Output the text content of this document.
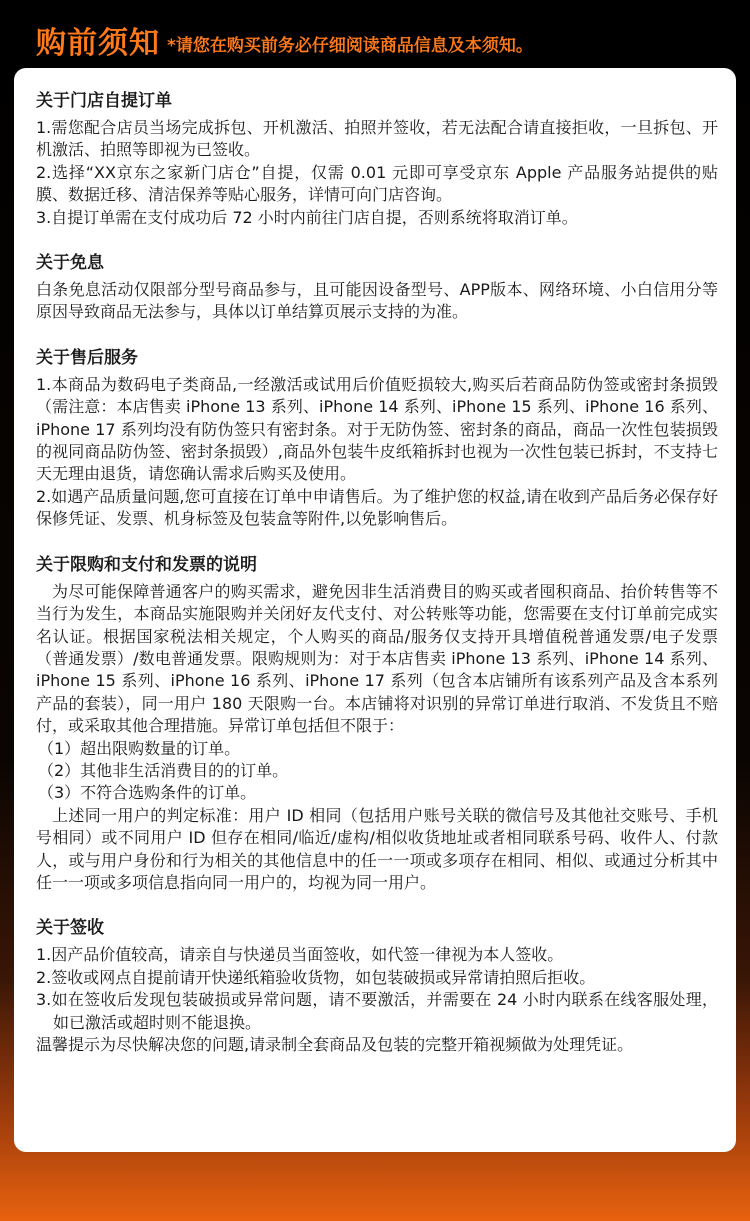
购前须知 *请您在购买前务必仔细阅读商品信息及本须知。
关于门店自提订单
1.需您配合店员当场完成拆包、开机激活、拍照并签收，若无法配合请直接拒收，一旦拆包、开机激活、拍照等即视为已签收。
2.选择“XX京东之家新门店仓”自提，仅需 0.01 元即可享受京东 Apple 产品服务站提供的贴膜、数据迁移、清洁保养等贴心服务，详情可向门店咨询。
3.自提订单需在支付成功后 72 小时内前往门店自提，否则系统将取消订单。
关于免息
白条免息活动仅限部分型号商品参与，且可能因设备型号、APP版本、网络环境、小白信用分等原因导致商品无法参与，具体以订单结算页展示支持的为准。
关于售后服务
1.本商品为数码电子类商品,一经激活或试用后价值贬损较大,购买后若商品防伪签或密封条损毁（需注意：本店售卖 iPhone 13 系列、iPhone 14 系列、iPhone 15 系列、iPhone 16 系列、iPhone 17 系列均没有防伪签只有密封条。对于无防伪签、密封条的商品，商品一次性包装损毁的视同商品防伪签、密封条损毁）,商品外包装牛皮纸箱拆封也视为一次性包装已拆封，不支持七天无理由退货，请您确认需求后购买及使用。
2.如遇产品质量问题,您可直接在订单中申请售后。为了维护您的权益,请在收到产品后务必保存好保修凭证、发票、机身标签及包装盒等附件,以免影响售后。
关于限购和支付和发票的说明
为尽可能保障普通客户的购买需求，避免因非生活消费目的购买或者囤积商品、抬价转售等不当行为发生，本商品实施限购并关闭好友代支付、对公转账等功能，您需要在支付订单前完成实名认证。根据国家税法相关规定，个人购买的商品/服务仅支持开具增值税普通发票/电子发票（普通发票）/数电普通发票。限购规则为：对于本店售卖 iPhone 13 系列、iPhone 14 系列、iPhone 15 系列、iPhone 16 系列、iPhone 17 系列（包含本店铺所有该系列产品及含本系列产品的套装），同一用户 180 天限购一台。本店铺将对识别的异常订单进行取消、不发货且不赔付，或采取其他合理措施。异常订单包括但不限于：
（1）超出限购数量的订单。
（2）其他非生活消费目的的订单。
（3）不符合选购条件的订单。
上述同一用户的判定标准：用户 ID 相同（包括用户账号关联的微信号及其他社交账号、手机号相同）或不同用户 ID 但存在相同/临近/虚构/相似收货地址或者相同联系号码、收件人、付款人，或与用户身份和行为相关的其他信息中的任一一项或多项存在相同、相似、或通过分析其中任一一项或多项信息指向同一用户的，均视为同一用户。
关于签收
1.因产品价值较高，请亲自与快递员当面签收，如代签一律视为本人签收。
2.签收或网点自提前请开快递纸箱验收货物，如包装破损或异常请拍照后拒收。
3.如在签收后发现包装破损或异常问题，请不要激活，并需要在 24 小时内联系在线客服处理，如已激活或超时则不能退换。
温馨提示为尽快解决您的问题,请录制全套商品及包装的完整开箱视频做为处理凭证。
